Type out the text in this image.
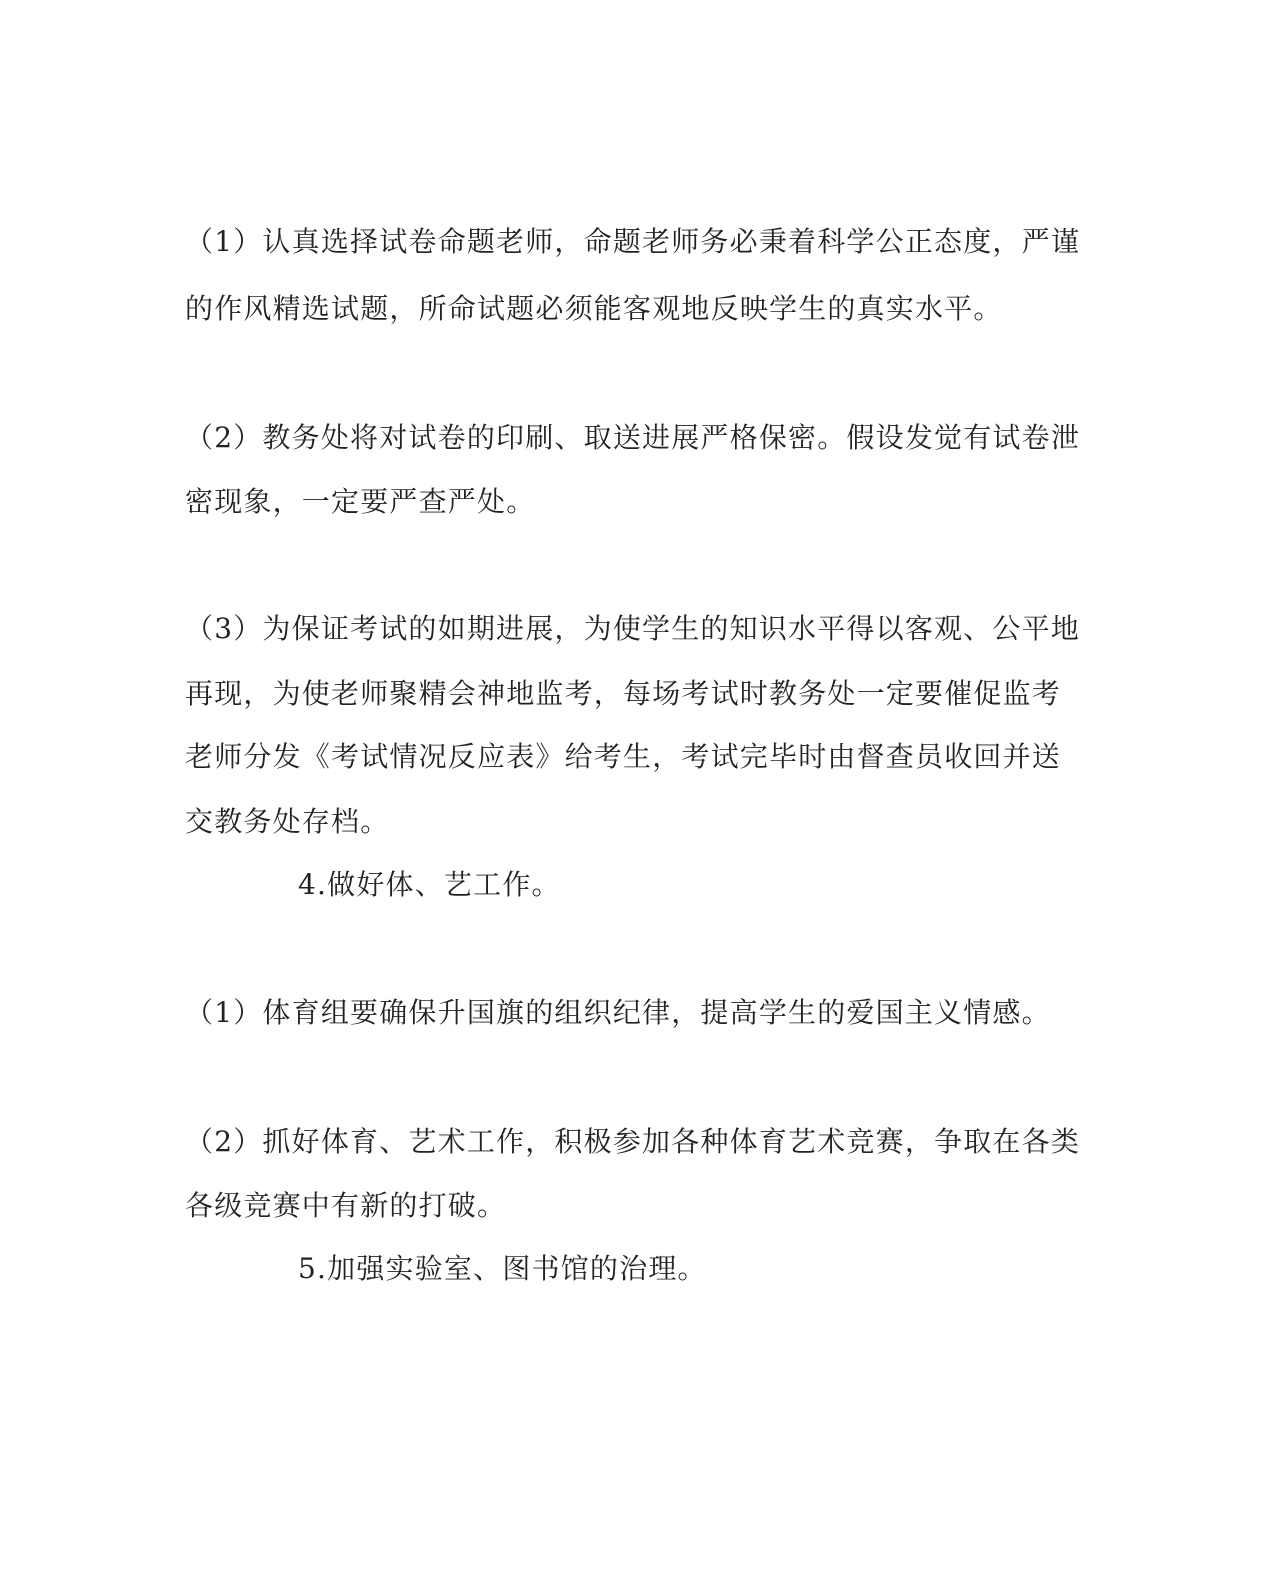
（1）认真选择试卷命题老师，命题老师务必秉着科学公正态度，严谨
的作风精选试题，所命试题必须能客观地反映学生的真实水平。
（2）教务处将对试卷的印刷、取送进展严格保密。假设发觉有试卷泄
密现象，一定要严查严处。
（3）为保证考试的如期进展，为使学生的知识水平得以客观、公平地
再现，为使老师聚精会神地监考，每场考试时教务处一定要催促监考
老师分发《考试情况反应表》给考生，考试完毕时由督查员收回并送
交教务处存档。
4.做好体、艺工作。
（1）体育组要确保升国旗的组织纪律，提高学生的爱国主义情感。
（2）抓好体育、艺术工作，积极参加各种体育艺术竞赛，争取在各类
各级竞赛中有新的打破。
5.加强实验室、图书馆的治理。
